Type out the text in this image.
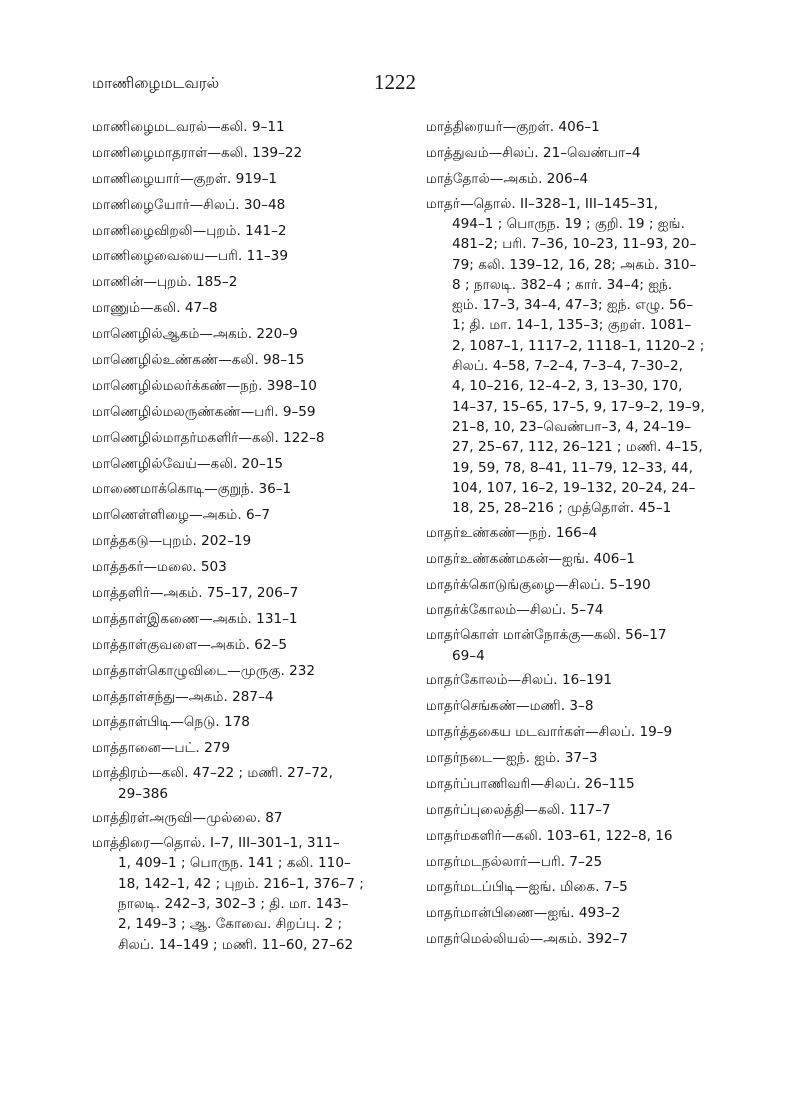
மாணிழைமடவரல்	1222

மாணிழைமடவரல்—கலி. 9–11

மாணிழைமாதராள்—கலி. 139–22

மாணிழையார்—குறள். 919–1

மாணிழையோர்—சிலப். 30–48

மாணிழைவிறலி—புறம். 141–2

மாணிழைவையை—பரி. 11–39

மாணின்—புறம். 185–2

மாணும்—கலி. 47–8

மாணெழில்ஆகம்—அகம். 220–9

மாணெழில்உண்கண்—கலி. 98–15

மாணெழில்மலர்க்கண்—நற். 398–10

மாணெழில்மலருண்கண்—பரி. 9–59

மாணெழில்மாதர்மகளிர்—கலி. 122–8

மாணெழில்வேய்—கலி. 20–15

மாணைமாக்கொடி—குறுந். 36–1

மாணெள்ளிழை—அகம். 6–7

மாத்தகடு—புறம். 202–19

மாத்தகர்—மலை. 503

மாத்தளிர்—அகம். 75–17, 206–7

மாத்தாள்இகணை—அகம். 131–1

மாத்தாள்குவளை—அகம். 62–5

மாத்தாள்கொழுவிடை—முருகு. 232

மாத்தாள்சந்து—அகம். 287–4

மாத்தாள்பிடி—நெடு. 178

மாத்தானை—பட். 279

மாத்திரம்—கலி. 47–22 ; மணி. 27–72,
29–386

மாத்திரள்அருவி—முல்லை. 87

மாத்திரை—தொல். I–7, III–301–1, 311–
1, 409–1 ; பொருந. 141 ; கலி. 110–
18, 142–1, 42 ; புறம். 216–1, 376–7 ;
நாலடி. 242–3, 302–3 ; தி. மா. 143–
2, 149–3 ; ஆ. கோவை. சிறப்பு. 2 ;
சிலப். 14–149 ; மணி. 11–60, 27–62

மாத்திரையர்—குறள். 406–1

மாத்துவம்—சிலப். 21–வெண்பா–4

மாத்தோல்—அகம். 206–4

மாதர்—தொல். II–328–1, III–145–31,
494–1 ; பொருந. 19 ; குறி. 19 ; ஐங்.
481–2; பரி. 7–36, 10–23, 11–93, 20–
79; கலி. 139–12, 16, 28; அகம். 310–
8 ; நாலடி. 382–4 ; கார். 34–4; ஐந்.
ஐம். 17–3, 34–4, 47–3; ஐந். எழு. 56–
1; தி. மா. 14–1, 135–3; குறள். 1081–
2, 1087–1, 1117–2, 1118–1, 1120–2 ;
சிலப். 4–58, 7–2–4, 7–3–4, 7–30–2,
4, 10–216, 12–4–2, 3, 13–30, 170,
14–37, 15–65, 17–5, 9, 17–9–2, 19–9,
21–8, 10, 23–வெண்பா–3, 4, 24–19–
27, 25–67, 112, 26–121 ; மணி. 4–15,
19, 59, 78, 8–41, 11–79, 12–33, 44,
104, 107, 16–2, 19–132, 20–24, 24–
18, 25, 28–216 ; முத்தொள். 45–1

மாதர்உண்கண்—நற். 166–4

மாதர்உண்கண்மகன்—ஐங். 406–1

மாதர்க்கொடுங்குழை—சிலப். 5–190

மாதர்க்கோலம்—சிலப். 5–74

மாதர்கொள் மான்நோக்கு—கலி. 56–17
69–4

மாதர்கோலம்—சிலப். 16–191

மாதர்செங்கண்—மணி. 3–8

மாதர்த்தகைய மடவார்கள்—சிலப். 19–9

மாதர்நடை—ஐந். ஐம். 37–3

மாதர்ப்பாணிவரி—சிலப். 26–115

மாதர்ப்புலைத்தி—கலி. 117–7

மாதர்மகளிர்—கலி. 103–61, 122–8, 16

மாதர்மடநல்லார்—பரி. 7–25

மாதர்மடப்பிடி—ஐங். மிகை. 7–5

மாதர்மான்பிணை—ஐங். 493–2

மாதர்மெல்லியல்—அகம். 392–7
